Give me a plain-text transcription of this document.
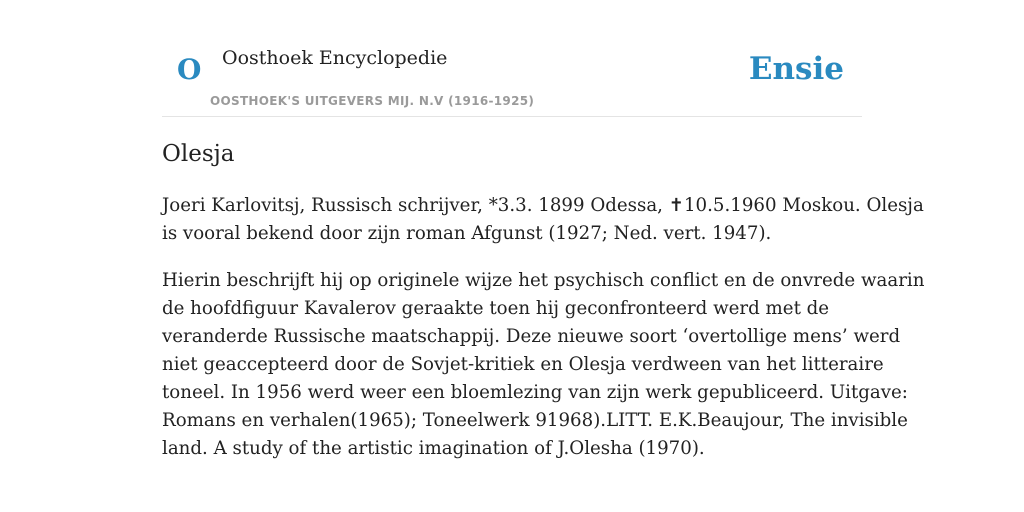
O Oosthoek Encyclopedie
OOSTHOEK'S UITGEVERS MIJ. N.V (1916-1925)
Ensie
Olesja

Joeri Karlovitsj, Russisch schrijver, *3.3. 1899 Odessa, ✝10.5.1960 Moskou. Olesja
is vooral bekend door zijn roman Afgunst (1927; Ned. vert. 1947).

Hierin beschrijft hij op originele wijze het psychisch conflict en de onvrede waarin
de hoofdfiguur Kavalerov geraakte toen hij geconfronteerd werd met de
veranderde Russische maatschappij. Deze nieuwe soort ‘overtollige mens’ werd
niet geaccepteerd door de Sovjet-kritiek en Olesja verdween van het litteraire
toneel. In 1956 werd weer een bloemlezing van zijn werk gepubliceerd. Uitgave:
Romans en verhalen(1965); Toneelwerk 91968).LITT. E.K.Beaujour, The invisible
land. A study of the artistic imagination of J.Olesha (1970).
